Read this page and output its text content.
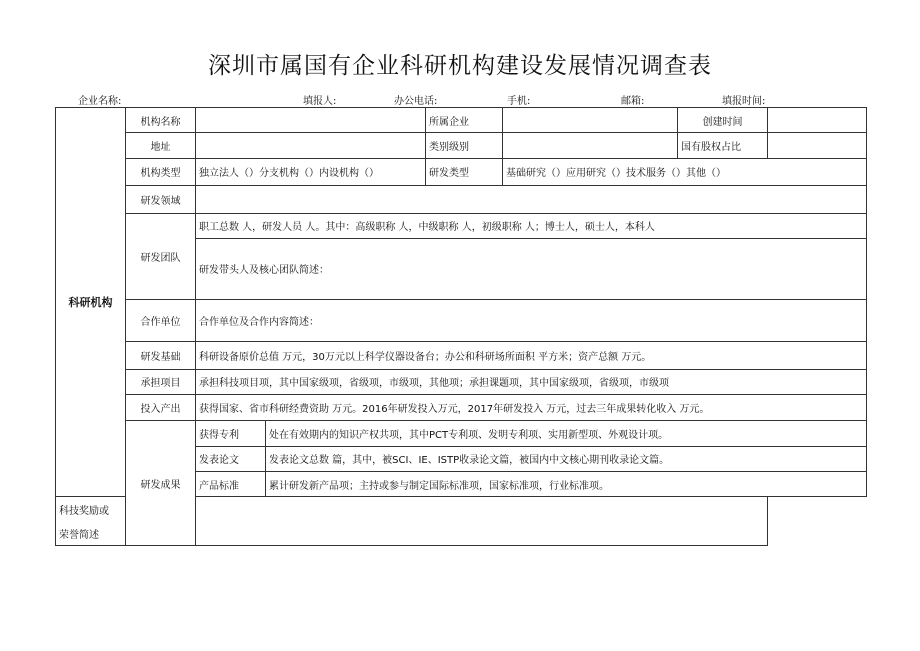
深圳市属国有企业科研机构建设发展情况调查表
企业名称:	填报人:	办公电话:	手机:	邮箱:	填报时间:
科研机构	机构名称			所属企业		创建时间	
	地址			类别级别		国有股权占比	
	机构类型	独立法人（）分支机构（）内设机构（）		研发类型	基础研究（）应用研究（）技术服务（）其他（）		
	研发领域						
	研发团队	职工总数 人，研发人员 人。其中：高级职称 人，中级职称 人，初级职称 人；博士人，硕士人，本科人					
		研发带头人及核心团队简述：					
	合作单位	合作单位及合作内容简述：					
	研发基础	科研设备原价总值 万元，30万元以上科学仪器设备台；办公和科研场所面积 平方米；资产总额 万元。					
	承担项目	承担科技项目项，其中国家级项，省级项，市级项，其他项；承担课题项，其中国家级项，省级项，市级项					
	投入产出	获得国家、省市科研经费资助 万元。2016年研发投入万元，2017年研发投入 万元，过去三年成果转化收入 万元。					
	研发成果	获得专利	处在有效期内的知识产权共项，其中PCT专利项、发明专利项、实用新型项、外观设计项。				
		发表论文	发表论文总数 篇，其中，被SCI、IE、ISTP收录论文篇，被国内中文核心期刊收录论文篇。				
		产品标准	累计研发新产品项；主持或参与制定国际标准项，国家标准项，行业标准项。				

科技奖励或
荣誉简述							
